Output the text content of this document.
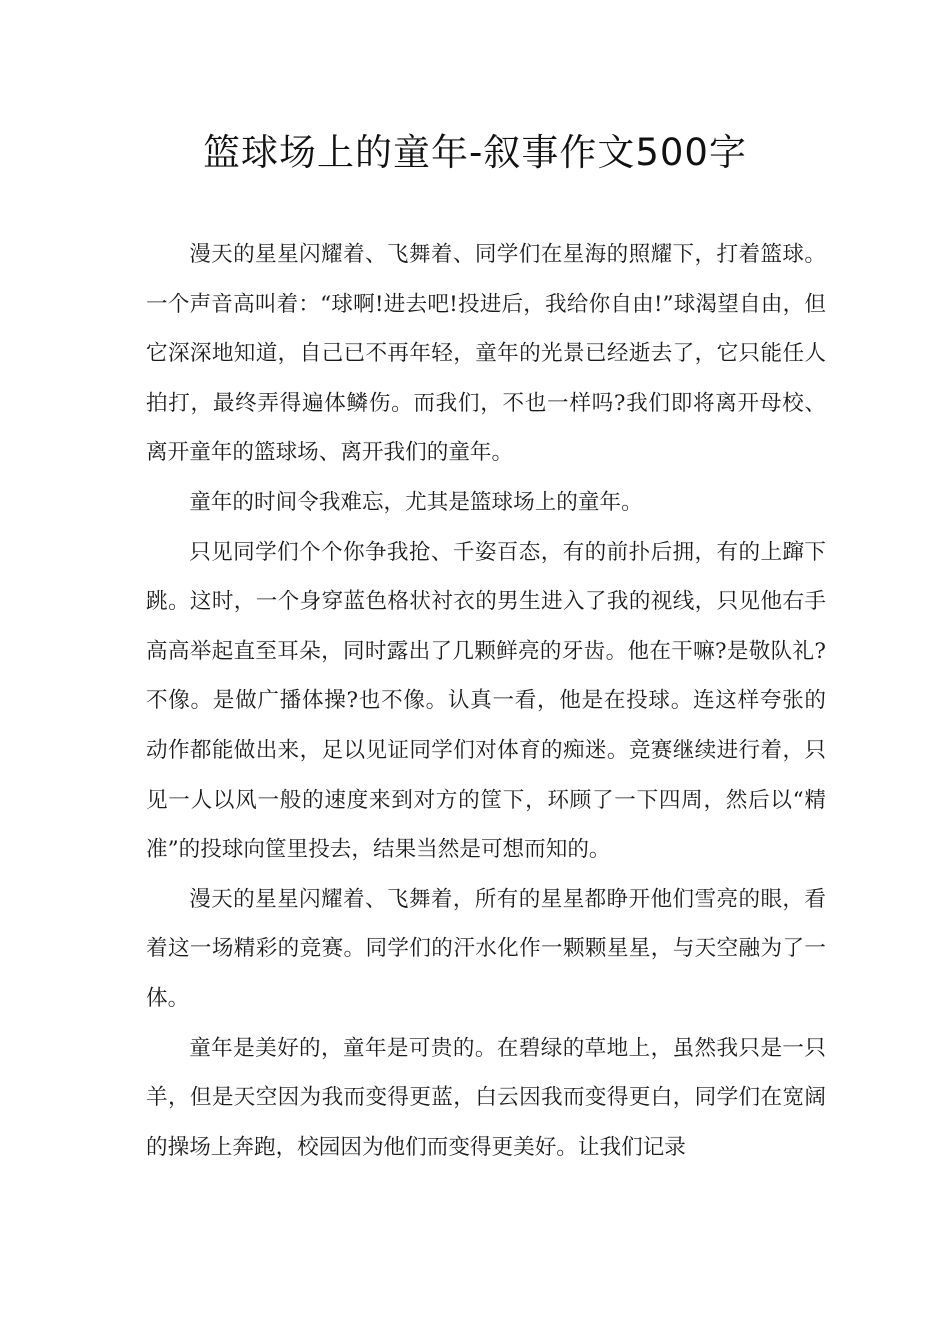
篮球场上的童年-叙事作文500字

漫天的星星闪耀着、飞舞着、同学们在星海的照耀下，打着篮球。一个声音高叫着：“球啊!进去吧!投进后，我给你自由!”球渴望自由，但它深深地知道，自己已不再年轻，童年的光景已经逝去了，它只能任人拍打，最终弄得遍体鳞伤。而我们，不也一样吗?我们即将离开母校、离开童年的篮球场、离开我们的童年。

童年的时间令我难忘，尤其是篮球场上的童年。

只见同学们个个你争我抢、千姿百态，有的前扑后拥，有的上蹿下跳。这时，一个身穿蓝色格状衬衣的男生进入了我的视线，只见他右手高高举起直至耳朵，同时露出了几颗鲜亮的牙齿。他在干嘛?是敬队礼?不像。是做广播体操?也不像。认真一看，他是在投球。连这样夸张的动作都能做出来，足以见证同学们对体育的痴迷。竞赛继续进行着，只见一人以风一般的速度来到对方的筐下，环顾了一下四周，然后以“精准”的投球向筐里投去，结果当然是可想而知的。

漫天的星星闪耀着、飞舞着，所有的星星都睁开他们雪亮的眼，看着这一场精彩的竞赛。同学们的汗水化作一颗颗星星，与天空融为了一体。

童年是美好的，童年是可贵的。在碧绿的草地上，虽然我只是一只羊，但是天空因为我而变得更蓝，白云因我而变得更白，同学们在宽阔的操场上奔跑，校园因为他们而变得更美好。让我们记录
